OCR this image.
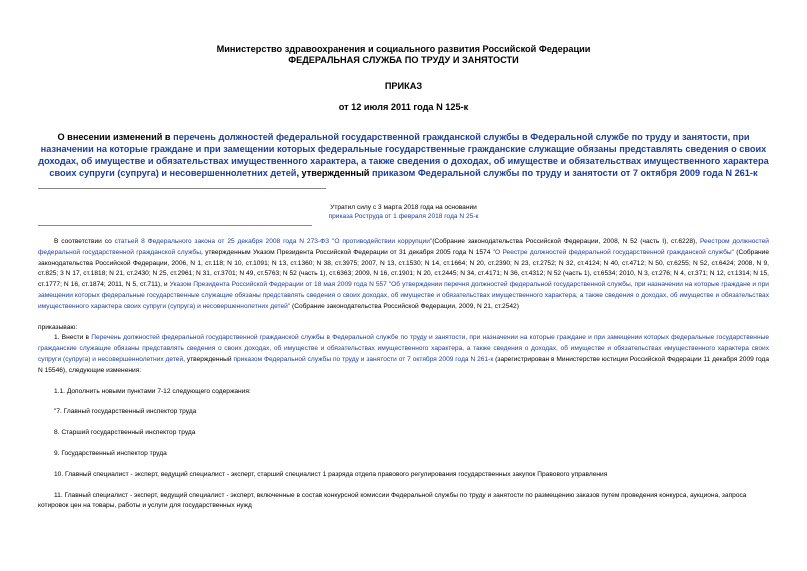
Министерство здравоохранения и социального развития Российской Федерации
ФЕДЕРАЛЬНАЯ СЛУЖБА ПО ТРУДУ И ЗАНЯТОСТИ
ПРИКАЗ
от 12 июля 2011 года N 125-к
О внесении изменений в перечень должностей федеральной государственной гражданской службы в Федеральной службе по труду и занятости, при назначении на которые граждане и при замещении которых федеральные государственные гражданские служащие обязаны представлять сведения о своих доходах, об имуществе и обязательствах имущественного характера, а также сведения о доходах, об имуществе и обязательствах имущественного характера своих супруги (супруга) и несовершеннолетних детей, утвержденный приказом Федеральной службы по труду и занятости от 7 октября 2009 года N 261-к
Утратил силу с 3 марта 2018 года на основании
приказа Роструда от 1 февраля 2018 года N 25-к

В соответствии со статьей 8 Федерального закона от 25 декабря 2008 года N 273-ФЗ "О противодействии коррупции"(Собрание законодательства Российской Федерации, 2008, N 52 (часть I), ст.6228), Реестром должностей федеральной государственной гражданской службы, утвержденным Указом Президента Российской Федерации от 31 декабря 2005 года N 1574 "О Реестре должностей федеральной государственной гражданской службы" (Собрание законодательства Российской Федерации, 2006, N 1, ст.118; N 10, ст.1091; N 13, ст.1360; N 38, ст.3975; 2007, N 13, ст.1530; N 14, ст.1664; N 20, ст.2390; N 23, ст.2752; N 32, ст.4124; N 40, ст.4712; N 50, ст.6255; N 52, ст.6424; 2008, N 9, ст.825; 3 N 17, ст.1818; N 21, ст.2430; N 25, ст.2961; N 31, ст.3701; N 49, ст.5763; N 52 (часть 1), ст.6363; 2009, N 16, ст.1901; N 20, ст.2445; N 34, ст.4171; N 36, ст.4312; N 52 (часть 1), ст.6534; 2010, N 3, ст.276; N 4, ст.371; N 12, ст.1314; N 15, ст.1777; N 16, ст.1874; 2011, N 5, ст.711), и Указом Президента Российской Федерации от 18 мая 2009 года N 557 "Об утверждении перечня должностей федеральной государственной службы, при назначении на которые граждане и при замещении которых федеральные государственные служащие обязаны представлять сведения о своих доходах, об имуществе и обязательствах имущественного характера, а также сведения о доходах, об имуществе и обязательствах имущественного характера своих супруги (супруга) и несовершеннолетних детей" (Собрание законодательства Российской Федерации, 2009, N 21, ст.2542)

приказываю:

1. Внести в Перечень должностей федеральной государственной гражданской службы в Федеральной службе по труду и занятости, при назначении на которые граждане и при замещении которых федеральные государственные гражданские служащие обязаны представлять сведения о своих доходах, об имуществе и обязательствах имущественного характера, а также сведения о доходах, об имуществе и обязательствах имущественного характера своих супруги (супруга) и несовершеннолетних детей, утвержденный приказом Федеральной службы по труду и занятости от 7 октября 2009 года N 261-к (зарегистрирован в Министерстве юстиции Российской Федерации 11 декабря 2009 года N 15546), следующие изменения:

1.1. Дополнить новыми пунктами 7-12 следующего содержания:

"7. Главный государственный инспектор труда

8. Старший государственный инспектор труда

9. Государственный инспектор труда

10. Главный специалист - эксперт, ведущий специалист - эксперт, старший специалист 1 разряда отдела правового регулирования государственных закупок Правового управления

11. Главный специалист - эксперт, ведущий специалист - эксперт, включенные в состав конкурсной комиссии Федеральной службы по труду и занятости по размещению заказов путем проведения конкурса, аукциона, запроса котировок цен на товары, работы и услуги для государственных нужд
